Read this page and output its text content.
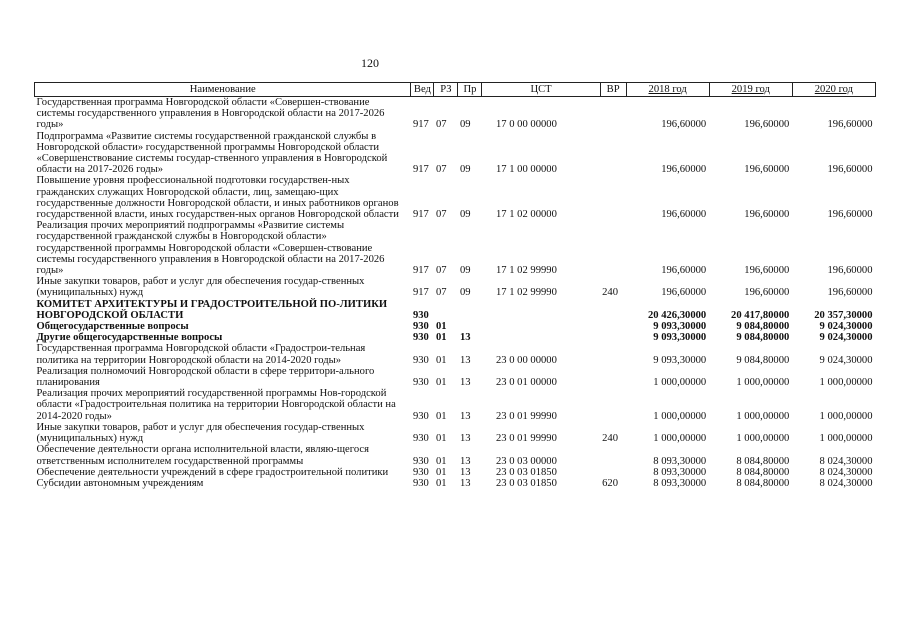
120
Наименование	Вед	РЗ	Пр	ЦСТ	ВР	2018 год	2019 год	2020 год
Государственная программа Новгородской области «Совершен-ствование системы государственного управления в Новгородской области на 2017-2026 годы»	917	07	09	17 0 00 00000		196,60000	196,60000	196,60000
Подпрограмма «Развитие системы государственной гражданской службы в Новгородской области» государственной программы Новгородской области «Совершенствование системы государ-ственного управления в Новгородской области на 2017-2026 годы»	917	07	09	17 1 00 00000		196,60000	196,60000	196,60000
Повышение уровня профессиональной подготовки государствен-ных гражданских служащих Новгородской области, лиц, замещаю-щих государственные должности Новгородской области, и иных работников органов государственной власти, иных государствен-ных органов Новгородской области	917	07	09	17 1 02 00000		196,60000	196,60000	196,60000
Реализация прочих мероприятий подпрограммы «Развитие системы государственной гражданской службы в Новгородской области» государственной программы Новгородской области «Совершен-ствование системы государственного управления в Новгородской области на 2017-2026 годы»	917	07	09	17 1 02 99990		196,60000	196,60000	196,60000
Иные закупки товаров, работ и услуг для обеспечения государ-ственных (муниципальных) нужд	917	07	09	17 1 02 99990	240	196,60000	196,60000	196,60000
КОМИТЕТ АРХИТЕКТУРЫ И ГРАДОСТРОИТЕЛЬНОЙ ПО-ЛИТИКИ НОВГОРОДСКОЙ ОБЛАСТИ	930					20 426,30000	20 417,80000	20 357,30000
Общегосударственные вопросы	930	01				9 093,30000	9 084,80000	9 024,30000
Другие общегосударственные вопросы	930	01	13			9 093,30000	9 084,80000	9 024,30000
Государственная программа Новгородской области «Градострои-тельная политика на территории Новгородской области на 2014-2020 годы»	930	01	13	23 0 00 00000		9 093,30000	9 084,80000	9 024,30000
Реализация полномочий Новгородской области в сфере территори-ального планирования	930	01	13	23 0 01 00000		1 000,00000	1 000,00000	1 000,00000
Реализация прочих мероприятий государственной программы Нов-городской области «Градостроительная политика на территории Новгородской области на 2014-2020 годы»	930	01	13	23 0 01 99990		1 000,00000	1 000,00000	1 000,00000
Иные закупки товаров, работ и услуг для обеспечения государ-ственных (муниципальных) нужд	930	01	13	23 0 01 99990	240	1 000,00000	1 000,00000	1 000,00000
Обеспечение деятельности органа исполнительной власти, являю-щегося ответственным исполнителем государственной программы	930	01	13	23 0 03 00000		8 093,30000	8 084,80000	8 024,30000
Обеспечение деятельности учреждений в сфере градостроительной политики	930	01	13	23 0 03 01850		8 093,30000	8 084,80000	8 024,30000
Субсидии автономным учреждениям	930	01	13	23 0 03 01850	620	8 093,30000	8 084,80000	8 024,30000
